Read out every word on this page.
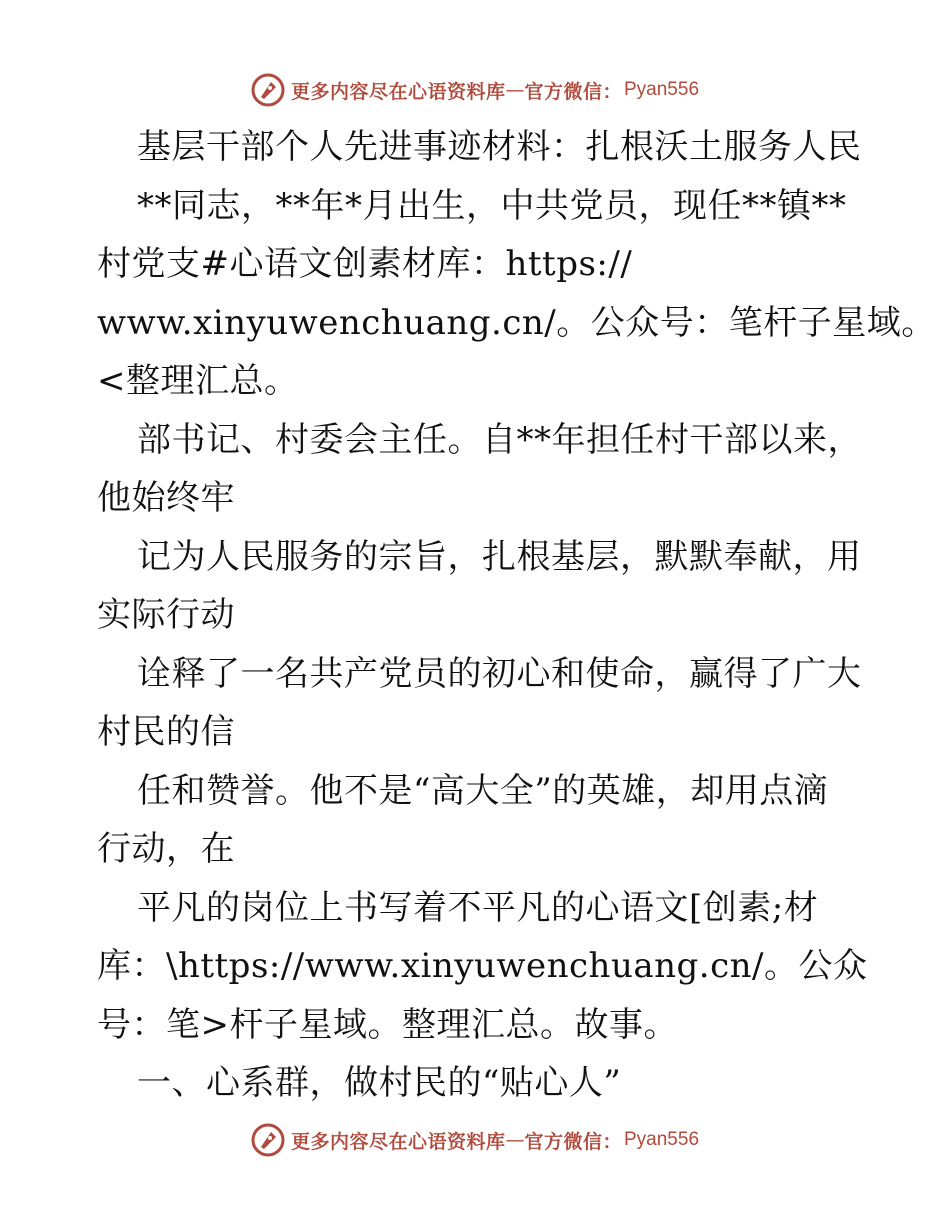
更多内容尽在心语资料库 — 官方微信： Pyan556
基层干部个人先进事迹材料：扎根沃土服务人民
**同志，**年*月出生，中共党员，现任**镇**
村党支#心语文创素材库：https://
www.xinyuwenchuang.cn/。公众号：笔杆子星域。
<整理汇总。
部书记、村委会主任。自**年担任村干部以来，
他始终牢
记为人民服务的宗旨，扎根基层，默默奉献，用
实际行动
诠释了一名共产党员的初心和使命，赢得了广大
村民的信
任和赞誉。他不是“高大全”的英雄，却用点滴
行动，在
平凡的岗位上书写着不平凡的心语文[创素;材
库：\https://www.xinyuwenchuang.cn/。公众
号：笔>杆子星域。整理汇总。故事。
一、心系群，做村民的“贴心人”
更多内容尽在心语资料库 — 官方微信： Pyan556
